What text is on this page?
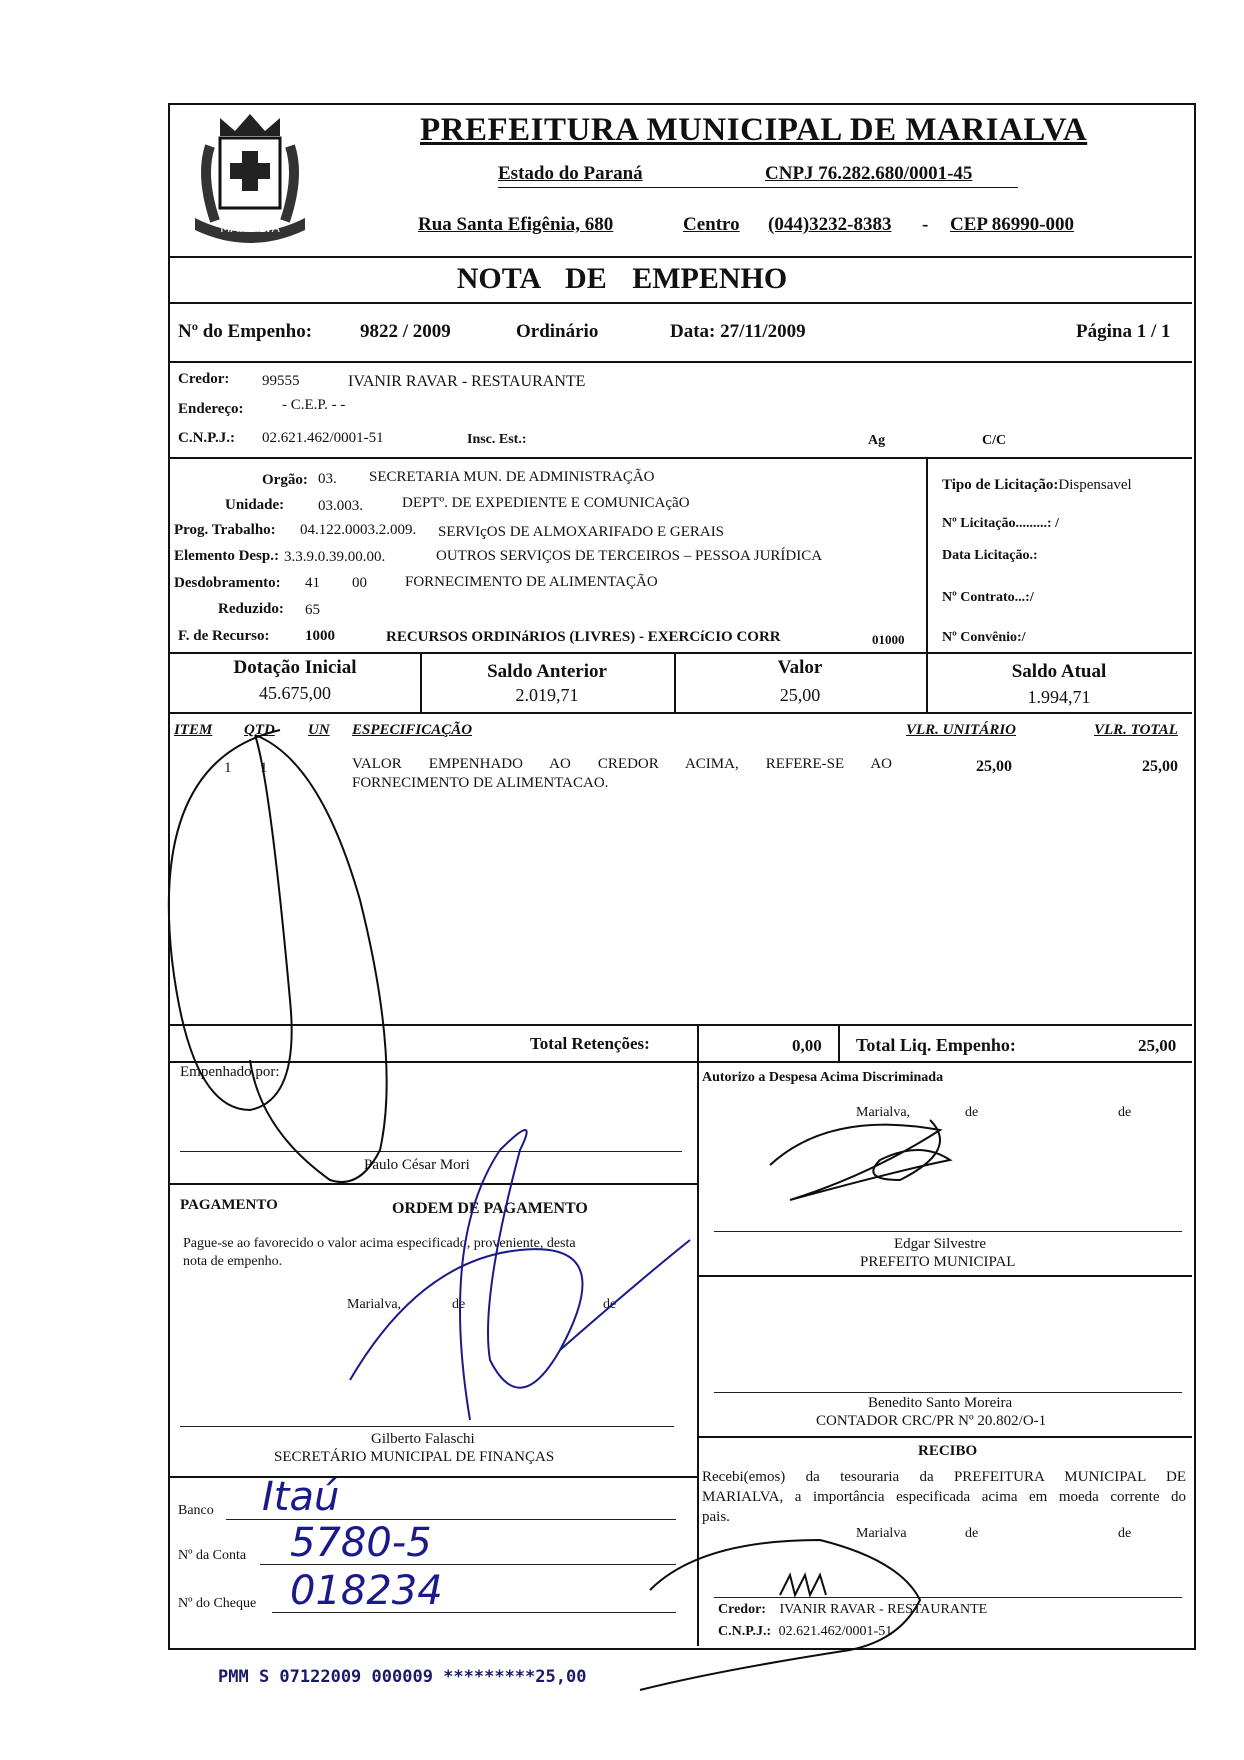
MARIALVA
PREFEITURA MUNICIPAL DE MARIALVA
Estado do Paraná	CNPJ 76.282.680/0001-45
Rua Santa Efigênia, 680	Centro (044)3232-8383 - CEP 86990-000
NOTA DE EMPENHO
Nº do Empenho:	9822 / 2009	Ordinário	Data: 27/11/2009	Página 1 / 1
Credor: 99555	IVANIR RAVAR - RESTAURANTE
Endereço:	- C.E.P. - -
C.N.P.J.: 02.621.462/0001-51	Insc. Est.:	Ag	C/C
Orgão: 03. SECRETARIA MUN. DE ADMINISTRAÇÃO
Unidade: 03.003.	DEPTº. DE EXPEDIENTE E COMUNICAçãO
Prog. Trabalho: 04.122.0003.2.009. SERVIçOS DE ALMOXARIFADO E GERAIS
Elemento Desp.: 3.3.9.0.39.00.00.	OUTROS SERVIÇOS DE TERCEIROS – PESSOA JURÍDICA
Desdobramento: 41 00	FORNECIMENTO DE ALIMENTAÇÃO
Reduzido: 65
F. de Recurso: 1000	RECURSOS ORDINáRIOS (LIVRES) - EXERCíCIO CORR	01000
Tipo de Licitação:Dispensavel
Nº Licitação.........: /
Data Licitação.:
Nº Contrato...:/
Nº Convênio:/
Dotação Inicial
45.675,00
Saldo Anterior
2.019,71
Valor
25,00
Saldo Atual
1.994,71
ITEM QTD UN ESPECIFICAÇÃO	VLR. UNITÁRIO	VLR. TOTAL
1 1	VALOR EMPENHADO AO CREDOR ACIMA, REFERE-SE AO
FORNECIMENTO DE ALIMENTACAO.
25,00	25,00
Total Retenções:	0,00 Total Liq. Empenho:	25,00
Empenhado por:
Paulo César Mori
PAGAMENTO	ORDEM DE PAGAMENTO
Pague-se ao favorecido o valor acima especificado, proveniente, desta
nota de empenho.
Marialva,	de	de
Gilberto Falaschi
SECRETÁRIO MUNICIPAL DE FINANÇAS
Banco Itaú
Nº da Conta 5780-5
Nº do Cheque 018234
Autorizo a Despesa Acima Discriminada
Marialva,	de	de
Edgar Silvestre
PREFEITO MUNICIPAL
Benedito Santo Moreira
CONTADOR CRC/PR Nº 20.802/O-1
RECIBO
Recebi(emos) da tesouraria da PREFEITURA MUNICIPAL DE
MARIALVA, a importância especificada acima em moeda corrente do
pais.
Marialva	de	de
Credor: IVANIR RAVAR - RESTAURANTE
C.N.P.J.: 02.621.462/0001-51
PMM S 07122009 000009 *********25,00
